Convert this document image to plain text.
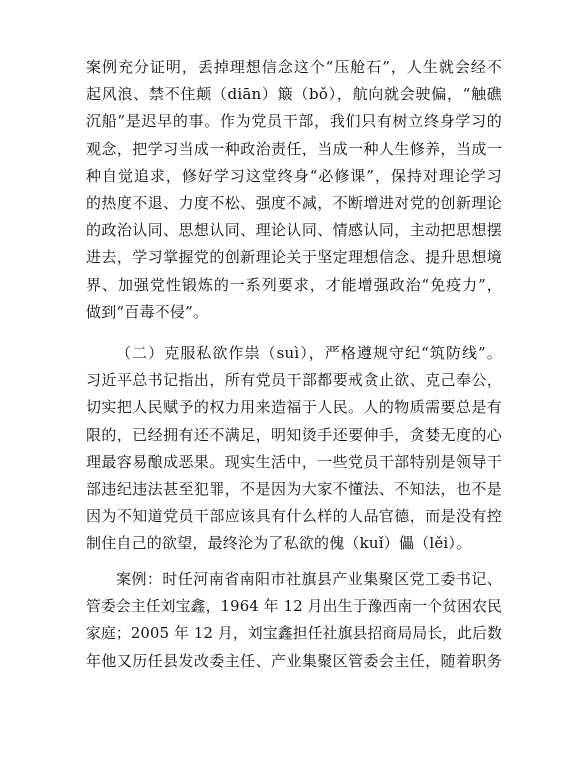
案例充分证明，丢掉理想信念这个“压舱石”，人生就会经不
起风浪、禁不住颠（diān）簸（bǒ），航向就会驶偏，“触礁
沉船”是迟早的事。作为党员干部，我们只有树立终身学习的
观念，把学习当成一种政治责任，当成一种人生修养，当成一
种自觉追求，修好学习这堂终身“必修课”，保持对理论学习
的热度不退、力度不松、强度不减，不断增进对党的创新理论
的政治认同、思想认同、理论认同、情感认同，主动把思想摆
进去，学习掌握党的创新理论关于坚定理想信念、提升思想境
界、加强党性锻炼的一系列要求，才能增强政治“免疫力”，
做到“百毒不侵”。
（二）克服私欲作祟（suì），严格遵规守纪“筑防线”。
习近平总书记指出，所有党员干部都要戒贪止欲、克己奉公，
切实把人民赋予的权力用来造福于人民。人的物质需要总是有
限的，已经拥有还不满足，明知烫手还要伸手，贪婪无度的心
理最容易酿成恶果。现实生活中，一些党员干部特别是领导干
部违纪违法甚至犯罪，不是因为大家不懂法、不知法，也不是
因为不知道党员干部应该具有什么样的人品官德，而是没有控
制住自己的欲望，最终沦为了私欲的傀（kuǐ）儡（lěi）。
案例：时任河南省南阳市社旗县产业集聚区党工委书记、
管委会主任刘宝鑫，1964 年 12 月出生于豫西南一个贫困农民
家庭；2005 年 12 月，刘宝鑫担任社旗县招商局局长，此后数
年他又历任县发改委主任、产业集聚区管委会主任，随着职务
